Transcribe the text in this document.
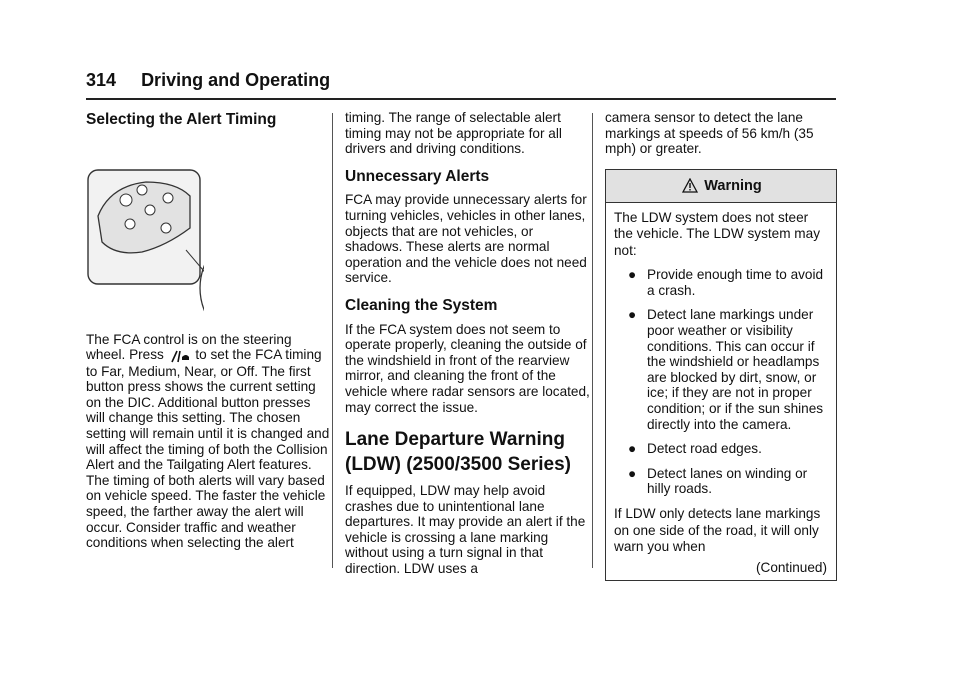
314 Driving and Operating
Selecting the Alert Timing

The FCA control is on the steering wheel. Press to set the FCA timing to Far, Medium, Near, or Off. The first button press shows the current setting on the DIC. Additional button presses will change this setting. The chosen setting will remain until it is changed and will affect the timing of both the Collision Alert and the Tailgating Alert features. The timing of both alerts will vary based on vehicle speed. The faster the vehicle speed, the farther away the alert will occur. Consider traffic and weather conditions when selecting the alert

timing. The range of selectable alert timing may not be appropriate for all drivers and driving conditions.

Unnecessary Alerts

FCA may provide unnecessary alerts for turning vehicles, vehicles in other lanes, objects that are not vehicles, or shadows. These alerts are normal operation and the vehicle does not need service.

Cleaning the System

If the FCA system does not seem to operate properly, cleaning the outside of the windshield in front of the rearview mirror, and cleaning the front of the vehicle where radar sensors are located, may correct the issue.

Lane Departure Warning (LDW) (2500/3500 Series)

If equipped, LDW may help avoid crashes due to unintentional lane departures. It may provide an alert if the vehicle is crossing a lane marking without using a turn signal in that direction. LDW uses a

camera sensor to detect the lane markings at speeds of 56 km/h (35 mph) or greater.

Warning

The LDW system does not steer the vehicle. The LDW system may not:

● Provide enough time to avoid a crash.
● Detect lane markings under poor weather or visibility conditions. This can occur if the windshield or headlamps are blocked by dirt, snow, or ice; if they are not in proper condition; or if the sun shines directly into the camera.
● Detect road edges.
● Detect lanes on winding or hilly roads.

If LDW only detects lane markings on one side of the road, it will only warn you when

(Continued)
